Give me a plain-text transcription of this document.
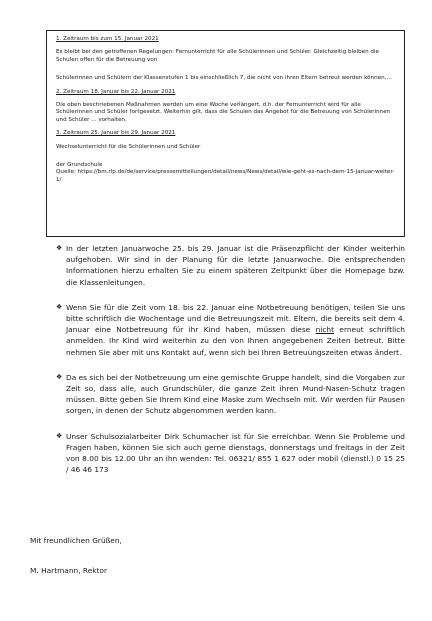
1. Zeitraum bis zum 15. Januar 2021

Es bleibt bei den getroffenen Regelungen: Fernunterricht für alle Schülerinnen und Schüler. Gleichzeitig bleiben die Schulen offen für die Betreuung von

Schülerinnen und Schülern der Klassenstufen 1 bis einschließlich 7, die nicht von ihren Eltern betreut werden können,...

2. Zeitraum 18. Januar bis 22. Januar 2021

Die oben beschriebenen Maßnahmen werden um eine Woche verlängert, d.h. der Fernunterricht wird für alle Schülerinnen und Schüler fortgesetzt. Weiterhin gilt, dass die Schulen das Angebot für die Betreuung von Schülerinnen und Schüler ... vorhalten.

3. Zeitraum 25. Januar bis 29. Januar 2021

Wechselunterricht für die Schülerinnen und Schüler

der Grundschule

Quelle: https://bm.rlp.de/de/service/pressemitteilungen/detail/news/News/detail/wie-geht-es-nach-dem-15-januar-weiter-1/

❖ In der letzten Januarwoche 25. bis 29. Januar ist die Präsenzpflicht der Kinder weiterhin aufgehoben. Wir sind in der Planung für die letzte Januarwoche. Die entsprechenden Informationen hierzu erhalten Sie zu einem späteren Zeitpunkt über die Homepage bzw. die Klassenleitungen.
❖ Wenn Sie für die Zeit vom 18. bis 22. Januar eine Notbetreuung benötigen, teilen Sie uns bitte schriftlich die Wochentage und die Betreuungszeit mit. Eltern, die bereits seit dem 4. Januar eine Notbetreuung für ihr Kind haben, müssen diese nicht erneut schriftlich anmelden. Ihr Kind wird weiterhin zu den von Ihnen angegebenen Zeiten betreut. Bitte nehmen Sie aber mit uns Kontakt auf, wenn sich bei Ihren Betreuungszeiten etwas ändert.
❖ Da es sich bei der Notbetreuung um eine gemischte Gruppe handelt, sind die Vorgaben zur Zeit so, dass alle, auch Grundschüler, die ganze Zeit ihren Mund-Nasen-Schutz tragen müssen. Bitte geben Sie Ihrem Kind eine Maske zum Wechseln mit. Wir werden für Pausen sorgen, in denen der Schutz abgenommen werden kann.
❖ Unser Schulsozialarbeiter Dirk Schumacher ist für Sie erreichbar. Wenn Sie Probleme und Fragen haben, können Sie sich auch gerne dienstags, donnerstags und freitags in der Zeit von 8.00 bis 12.00 Uhr an ihn wenden: Tel. 06321/ 855 1 627 oder mobil (dienstl.) 0 15 25 / 46 46 173
Mit freundlichen Grüßen,
M. Hartmann, Rektor
